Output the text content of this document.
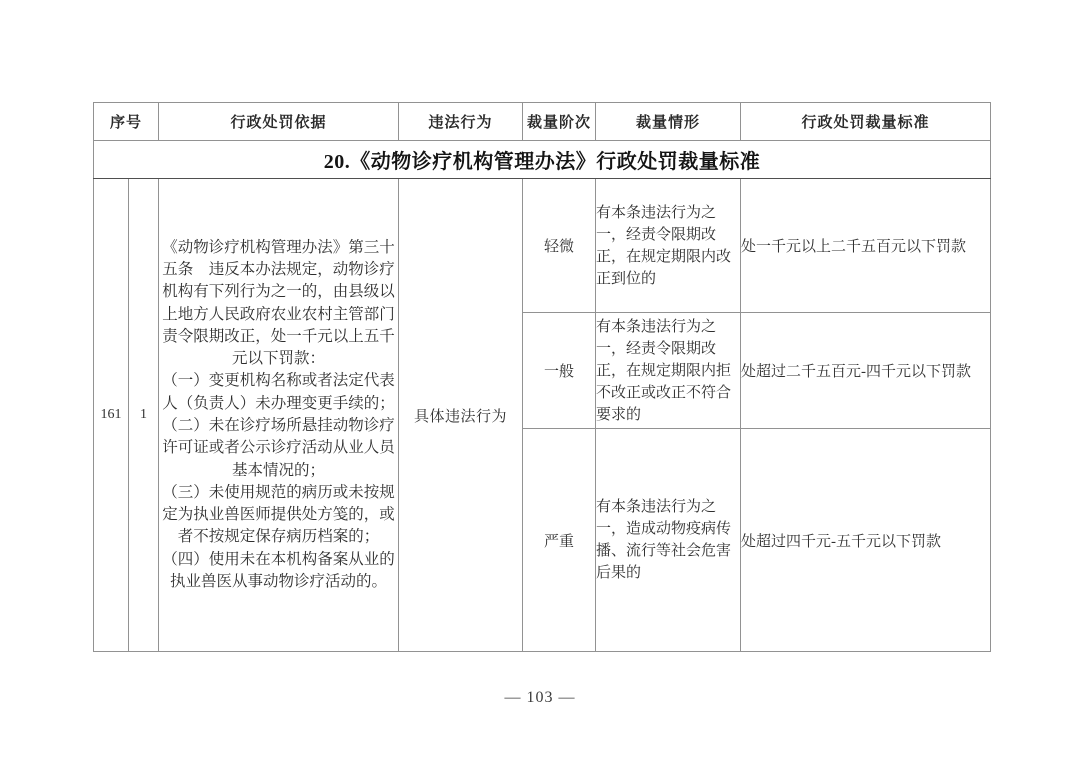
序号		行政处罚依据	违法行为	裁量阶次	裁量情形	行政处罚裁量标准
20.《动物诊疗机构管理办法》行政处罚裁量标准						
161	1	《动物诊疗机构管理办法》第三十五条　违反本办法规定，动物诊疗机构有下列行为之一的，由县级以上地方人民政府农业农村主管部门责令限期改正，处一千元以上五千元以下罚款：
（一）变更机构名称或者法定代表人（负责人）未办理变更手续的；
（二）未在诊疗场所悬挂动物诊疗许可证或者公示诊疗活动从业人员基本情况的；
（三）未使用规范的病历或未按规定为执业兽医师提供处方笺的，或者不按规定保存病历档案的；
（四）使用未在本机构备案从业的执业兽医从事动物诊疗活动的。	具体违法行为	轻微	有本条违法行为之一，经责令限期改正，在规定期限内改正到位的	处一千元以上二千五百元以下罚款
				一般	有本条违法行为之一，经责令限期改正，在规定期限内拒不改正或改正不符合要求的	处超过二千五百元-四千元以下罚款
				严重	有本条违法行为之一，造成动物疫病传播、流行等社会危害后果的	处超过四千元-五千元以下罚款
— 103 —
